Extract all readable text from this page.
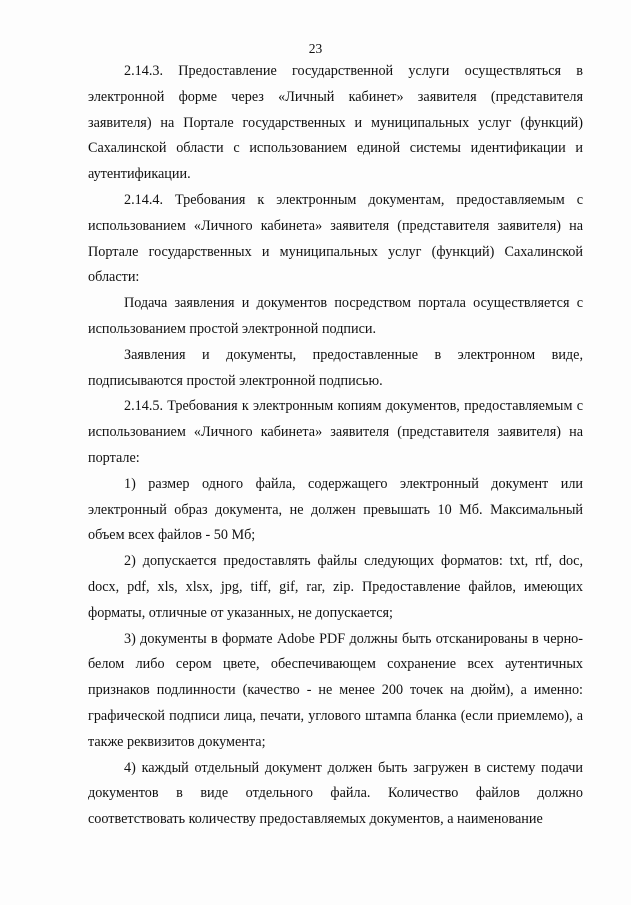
23

2.14.3. Предоставление государственной услуги осуществляться в электронной форме через «Личный кабинет» заявителя (представителя заявителя) на Портале государственных и муниципальных услуг (функций) Сахалинской области с использованием единой системы идентификации и аутентификации.

2.14.4. Требования к электронным документам, предоставляемым с использованием «Личного кабинета» заявителя (представителя заявителя) на Портале государственных и муниципальных услуг (функций) Сахалинской области:

Подача заявления и документов посредством портала осуществляется с использованием простой электронной подписи.

Заявления и документы, предоставленные в электронном виде, подписываются простой электронной подписью.

2.14.5. Требования к электронным копиям документов, предоставляемым с использованием «Личного кабинета» заявителя (представителя заявителя) на портале:

1) размер одного файла, содержащего электронный документ или электронный образ документа, не должен превышать 10 Мб. Максимальный объем всех файлов - 50 Мб;

2) допускается предоставлять файлы следующих форматов: txt, rtf, doc, docx, pdf, xls, xlsx, jpg, tiff, gif, rar, zip. Предоставление файлов, имеющих форматы, отличные от указанных, не допускается;

3) документы в формате Adobe PDF должны быть отсканированы в черно-белом либо сером цвете, обеспечивающем сохранение всех аутентичных признаков подлинности (качество - не менее 200 точек на дюйм), а именно: графической подписи лица, печати, углового штампа бланка (если приемлемо), а также реквизитов документа;

4) каждый отдельный документ должен быть загружен в систему подачи документов в виде отдельного файла. Количество файлов должно соответствовать количеству предоставляемых документов, а наименование
